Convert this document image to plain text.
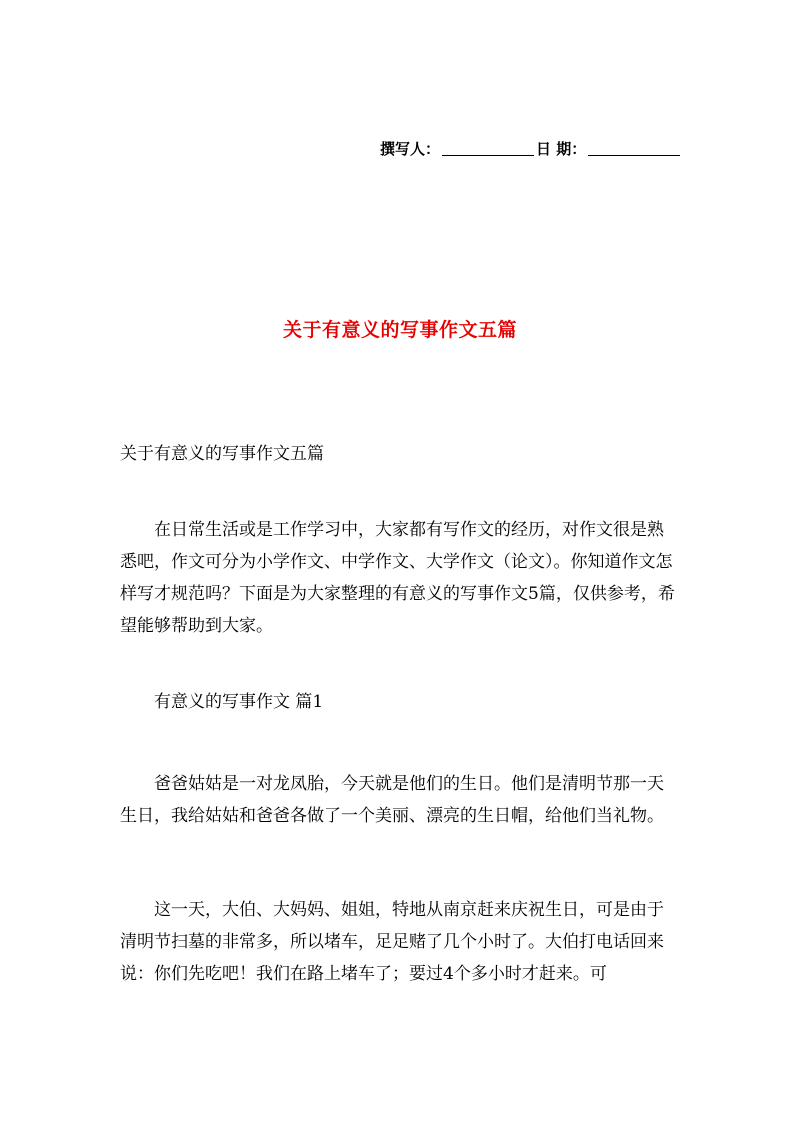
撰写人：	日 期：
关于有意义的写事作文五篇

关于有意义的写事作文五篇

在日常生活或是工作学习中，大家都有写作文的经历，对作文很是熟悉吧，作文可分为小学作文、中学作文、大学作文（论文）。你知道作文怎样写才规范吗？下面是为大家整理的有意义的写事作文5篇，仅供参考，希望能够帮助到大家。

有意义的写事作文 篇1

爸爸姑姑是一对龙凤胎，今天就是他们的生日。他们是清明节那一天生日，我给姑姑和爸爸各做了一个美丽、漂亮的生日帽，给他们当礼物。

这一天，大伯、大妈妈、姐姐，特地从南京赶来庆祝生日，可是由于清明节扫墓的非常多，所以堵车，足足赌了几个小时了。大伯打电话回来说：你们先吃吧！我们在路上堵车了；要过4个多小时才赶来。可
